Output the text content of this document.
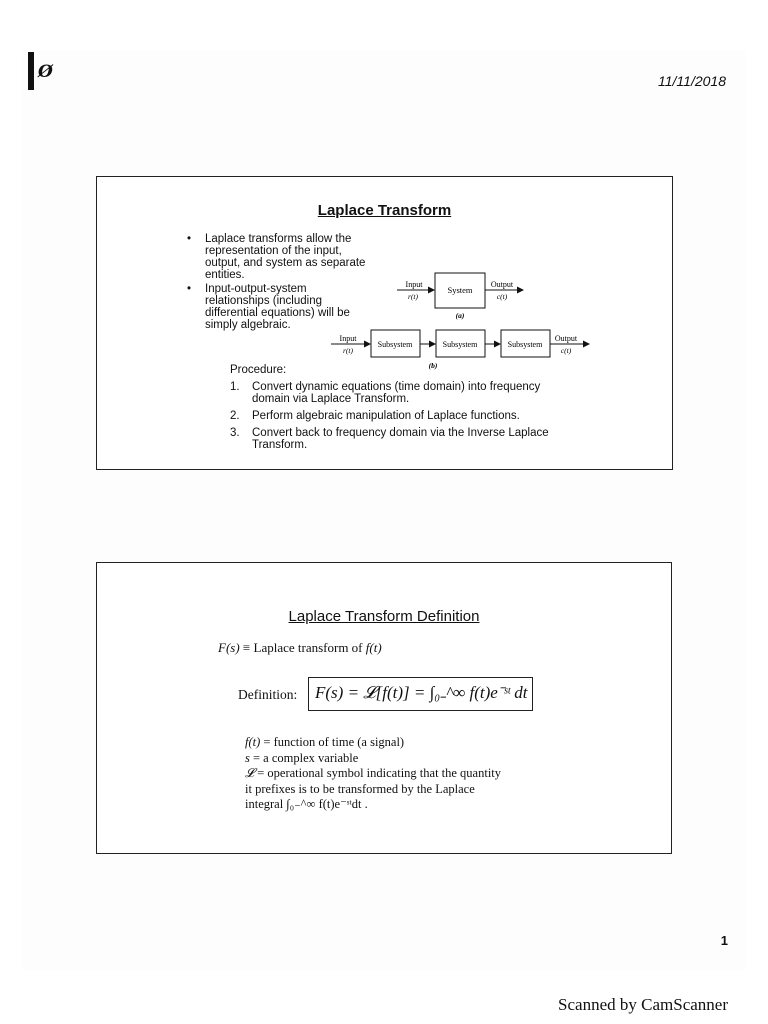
Ø	11/11/2018
Laplace Transform
• Laplace transforms allow the representation of the input, output, and system as separate entities.
• Input-output-system relationships (including differential equations) will be simply algebraic.
Input
r(t)
System
Output
c(t)
(a)
Input
r(t)
Subsystem	Subsystem	Subsystem
Output
c(t)
(b)
Procedure:
1. Convert dynamic equations (time domain) into frequency domain via Laplace Transform.
2. Perform algebraic manipulation of Laplace functions.
3. Convert back to frequency domain via the Inverse Laplace Transform.
Laplace Transform Definition
F(s) ≡ Laplace transform of f(t)
Definition: F(s) = 𝓛[f(t)] = ∫₀₋^∞ f(t)e⁻ˢᵗ dt
f(t) = function of time (a signal)
s = a complex variable
𝓛 = operational symbol indicating that the quantity
it prefixes is to be transformed by the Laplace
integral ∫₀₋^∞ f(t)e⁻ˢᵗdt .
1
Scanned by CamScanner
